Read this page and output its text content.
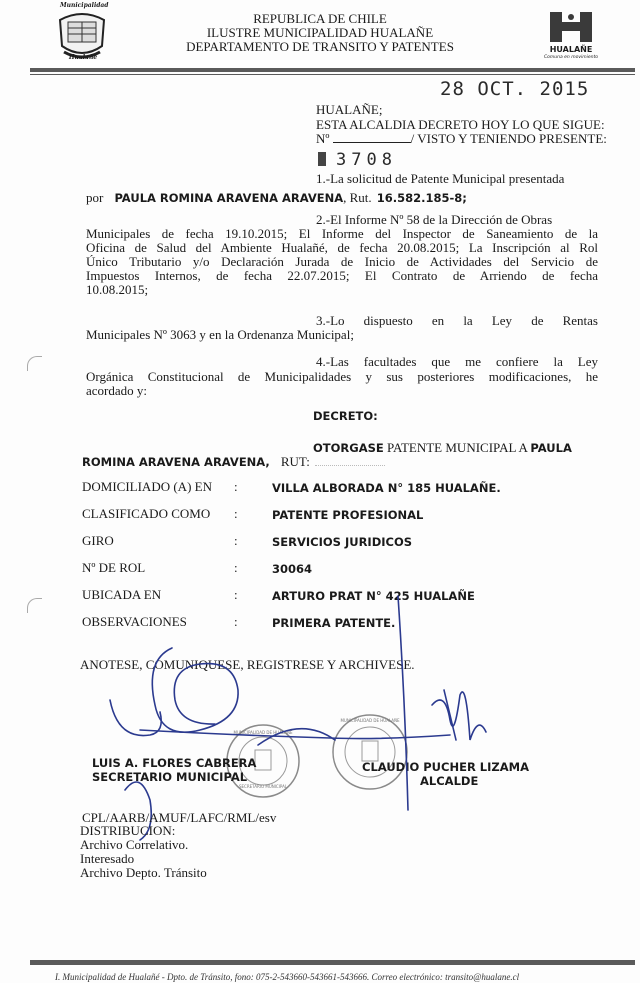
Municipalidad
Hualañe
HUALAÑE
Comuna en movimiento
REPUBLICA DE CHILE
ILUSTRE MUNICIPALIDAD HUALAÑE
DEPARTAMENTO DE TRANSITO Y PATENTES
28 OCT. 2015
HUALAÑE;
ESTA ALCALDIA DECRETO HOY LO QUE SIGUE:
Nº	/ VISTO Y TENIENDO PRESENTE:
3708
1.-La solicitud de Patente Municipal presentada
por PAULA ROMINA ARAVENA ARAVENA, Rut. 16.582.185-8;
2.-El Informe Nº 58 de la Dirección de Obras
Municipales de fecha 19.10.2015; El Informe del Inspector de Saneamiento de la
Oficina de Salud del Ambiente Hualañé, de fecha 20.08.2015; La Inscripción al Rol
Único Tributario y/o Declaración Jurada de Inicio de Actividades del Servicio de
Impuestos Internos, de fecha 22.07.2015; El Contrato de Arriendo de fecha
10.08.2015;
3.-Lo   dispuesto   en   la   Ley   de   Rentas
Municipales Nº 3063 y en la Ordenanza Municipal;
4.-Las facultades que me confiere la Ley
Orgánica Constitucional de Municipalidades y sus posteriores modificaciones, he
acordado y:
DECRETO:
OTORGASE PATENTE MUNICIPAL A PAULA
ROMINA ARAVENA ARAVENA, RUT:
DOMICILIADO (A) EN :	VILLA ALBORADA N° 185 HUALAÑE.
CLASIFICADO COMO :	PATENTE PROFESIONAL
GIRO	:	SERVICIOS JURIDICOS
Nº DE ROL	:	30064
UBICADA EN	:	ARTURO PRAT N° 425 HUALAÑE
OBSERVACIONES	:	PRIMERA PATENTE.
ANOTESE, COMUNIQUESE, REGISTRESE Y ARCHIVESE.
MUNICIPALIDAD DE HUALAÑE
SECRETARIO MUNICIPAL
MUNICIPALIDAD DE HUALAÑE
LUIS A. FLORES CABRERA
SECRETARIO MUNICIPAL
CLAUDIO PUCHER LIZAMA
ALCALDE
CPL/AARB/AMUF/LAFC/RML/esv
DISTRIBUCION:
Archivo Correlativo.
Interesado
Archivo Depto. Tránsito
I. Municipalidad de Hualañé - Dpto. de Tránsito, fono: 075-2-543660-543661-543666. Correo electrónico: transito@hualane.cl
